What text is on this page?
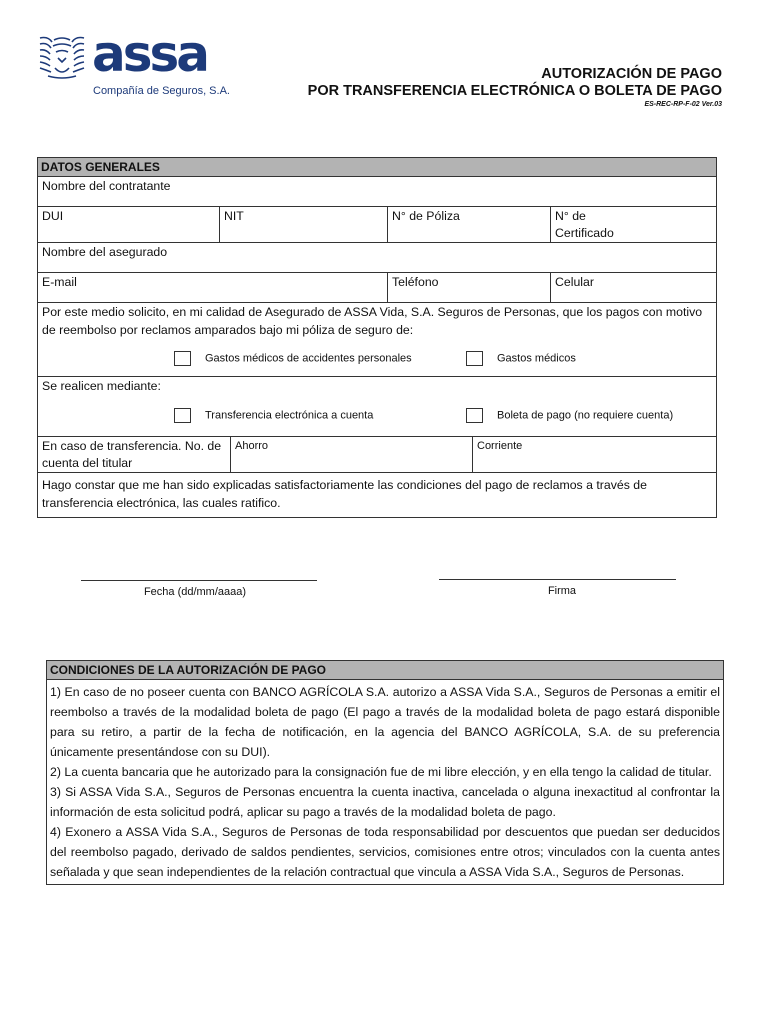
assa
Compañía de Seguros, S.A.
AUTORIZACIÓN DE PAGO
POR TRANSFERENCIA ELECTRÓNICA O BOLETA DE PAGO
ES-REC-RP-F-02 Ver.03
DATOS GENERALES
Nombre del contratante
DUI	NIT	N° de Póliza	N° de
Certificado
Nombre del asegurado
E-mail	Teléfono	Celular
Por este medio solicito, en mi calidad de Asegurado de ASSA Vida, S.A. Seguros de Personas, que los pagos con motivo de reembolso por reclamos amparados bajo mi póliza de seguro de:
Gastos médicos de accidentes personales	Gastos médicos
Se realicen mediante:
Transferencia electrónica a cuenta	Boleta de pago (no requiere cuenta)
En caso de transferencia. No. de
cuenta del titular
Ahorro	Corriente
Hago constar que me han sido explicadas satisfactoriamente las condiciones del pago de reclamos a través de transferencia electrónica, las cuales ratifico.
Fecha (dd/mm/aaaa)	Firma
CONDICIONES DE LA AUTORIZACIÓN DE PAGO
1) En caso de no poseer cuenta con BANCO AGRÍCOLA S.A. autorizo a ASSA Vida S.A., Seguros de Personas a emitir el reembolso a través de la modalidad boleta de pago (El pago a través de la modalidad boleta de pago estará disponible para su retiro, a partir de la fecha de notificación, en la agencia del BANCO AGRÍCOLA, S.A. de su preferencia únicamente presentándose con su DUI).
2) La cuenta bancaria que he autorizado para la consignación fue de mi libre elección, y en ella tengo la calidad de titular.
3) Si ASSA Vida S.A., Seguros de Personas encuentra la cuenta inactiva, cancelada o alguna inexactitud al confrontar la información de esta solicitud podrá, aplicar su pago a través de la modalidad boleta de pago.
4) Exonero a ASSA Vida S.A., Seguros de Personas de toda responsabilidad por descuentos que puedan ser deducidos del reembolso pagado, derivado de saldos pendientes, servicios, comisiones entre otros; vinculados con la cuenta antes señalada y que sean independientes de la relación contractual que vincula a ASSA Vida S.A., Seguros de Personas.
